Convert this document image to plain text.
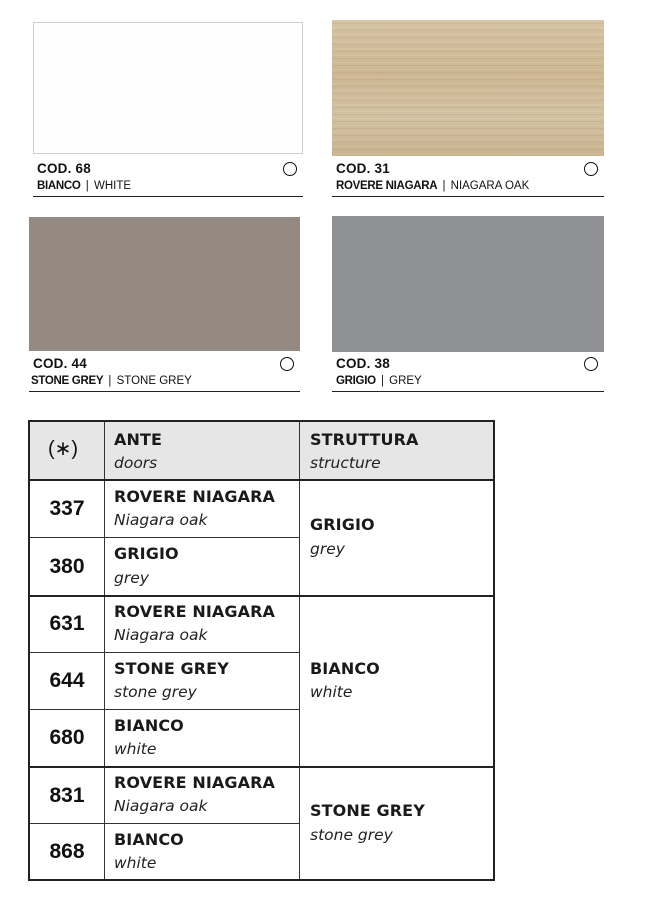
COD. 68
BIANCO | WHITE
COD. 31
ROVERE NIAGARA | NIAGARA OAK
COD. 44
STONE GREY | STONE GREY
COD. 38
GRIGIO | GREY
(∗) ANTE
doors
STRUTTURA
structure
337
ROVERE NIAGARA
Niagara oak
380
GRIGIO
grey
GRIGIO
grey
631
ROVERE NIAGARA
Niagara oak
644
STONE GREY
stone grey
680
BIANCO
white
BIANCO
white
831
ROVERE NIAGARA
Niagara oak
868
BIANCO
white
STONE GREY
stone grey
